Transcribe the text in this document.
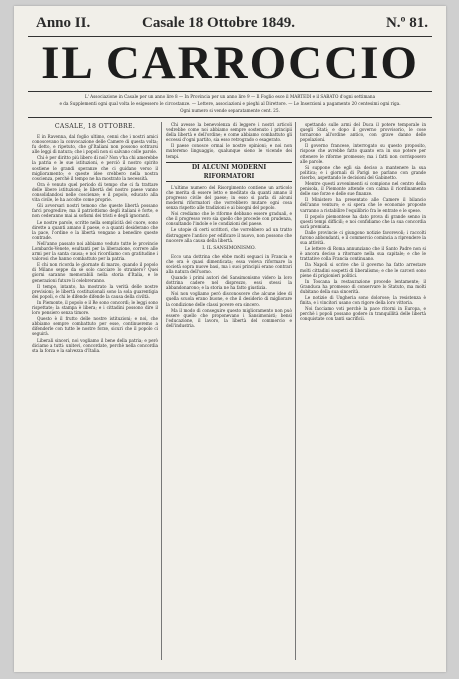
Anno II.	Casale 18 Ottobre 1849.	N.º 81.
IL CARROCCIO
L' Associazione in Casale per un anno lire 8 — In Provincia per un anno lire 9 — Il Foglio esce il MARTEDI e il SABATO d'ogni settimana
e da Supplementi ogni qual volta le esigessero le circostanze. — Lettere, associazioni e pieghi al Direttore. — Le Inserzioni a pagamento 20 centesimi ogni riga.
Ogni numero si vende separatamente cent. 25.
CASALE, 18 OTTOBRE.

E in Ravenna, dal foglio ultimo, cenni che i nostri amici conoscevano la convocazione delle Camere di questa volta; fu detto, e ripetuto, che gl'Italiani non possono sottrarsi alle leggi di natura; che i popoli non si salvano colle parole.

Chi è per diritto più libero di noi? Non v'ha chi amerebbe la patria e le sue istituzioni, e perciò il nostro spirito sostiene le grandi speranze che ci guidano verso il miglioramento; e queste idee crebbero nella nostra coscienza, perchè il tempo ne ha mostrato la necessità.

Ora è venuto quel periodo di tempo che ci fa trattare delle libere istituzioni; le libertà del nostro paese vanno consolidandosi nelle coscienze; e il popolo, educato alla vita civile, le ha accolte come proprie.

Gli avversari nostri temono che queste libertà possano farci progredire; ma il patriottismo degli italiani è forte, e non cederanno mai ai sofismi dei tristi e degli ignoranti.

Le nostre parole, scritte nella semplicità del cuore, sono dirette a quanti amano il paese, e a quanti desiderano che la pace, l'ordine e la libertà vengano a benedire queste contrade.

Nell'anno passato noi abbiamo veduto tutte le provincie Lombardo-Venete, esultanti per la liberazione, correre alle armi per la santa causa; e noi ricordiamo con gratitudine i valorosi che hanno combattuto per la patria.

E chi non ricorda le giornate di marzo, quando il popolo di Milano seppe da sè solo cacciare lo straniero? Quei giorni saranno memorabili nella storia d'Italia, e le generazioni future li celebreranno.

Il tempo, intanto, ha mostrato la verità delle nostre previsioni; le libertà costituzionali sono la sola guarentigia dei popoli, e chi le difende difende la causa della civiltà.

In Piemonte, il popolo e il Re sono concordi; le leggi sono rispettate; la stampa è libera; e i cittadini possono dire il loro pensiero senza timore.

Questo è il frutto delle nostre istituzioni; e noi, che abbiamo sempre combattuto per esse, continueremo a difenderle con tutte le nostre forze, sicuri che il popolo ci seguirà.

Liberali sinceri, noi vogliamo il bene della patria; e però diciamo a tutti: unitevi, concordate, perchè nella concordia sta la forza e la salvezza d'Italia.

Chi avesse la benevolenza di leggere i nostri articoli vedrebbe come noi abbiamo sempre sostenuto i principii della libertà e dell'ordine; e come abbiamo combattuto gli eccessi d'ogni partito, sia esso retrogrado o esagerato.

Il paese conosce ormai le nostre opinioni; e noi non muteremo linguaggio, qualunque sieno le vicende dei tempi.

DI ALCUNI MODERNI RIFORMATORI

L'ultimo numero del Risorgimento contiene un articolo che merita di essere letto e meditato da quanti amano il progresso civile del paese; in esso si parla di alcuni moderni riformatori che vorrebbero mutare ogni cosa senza rispetto alle tradizioni e ai bisogni del popolo.

Noi crediamo che le riforme debbano essere graduali, e che il progresso vero sia quello che procede con prudenza, consultando l'indole e le condizioni del paese.

Le utopie di certi scrittori, che vorrebbero ad un tratto distruggere l'antico per edificare il nuovo, non possono che nuocere alla causa della libertà.

I. IL SANSIMONISMO.

Ecco una dottrina che ebbe molti seguaci in Francia e che ora è quasi dimenticata; essa voleva riformare la società sopra nuove basi, ma i suoi principii erano contrari alla natura dell'uomo.

Quando i primi autori del Sansimonismo videro la loro dottrina cadere nel disprezzo, essi stessi la abbandonarono; e la storia ne ha fatto giustizia.

Noi non vogliamo però disconoscere che alcune idee di quella scuola erano buone, e che il desiderio di migliorare la condizione delle classi povere era sincero.

Ma il modo di conseguire questo miglioramento non può essere quello che proponevano i Sansimonisti; bensì l'educazione, il lavoro, la libertà del commercio e dell'industria.

spettando sulle armi del Duca il potere temporale in quegli Stati; e dopo il governo provvisorio, le cose tornarono all'ordine antico, con grave danno delle popolazioni.

Il governo francese, interrogato su questo proposito, rispose che avrebbe fatto quanto era in suo potere per ottenere le riforme promesse; ma i fatti non corrisposero alle parole.

Si suppone che egli sia deciso a mantenere la sua politica; e i giornali di Parigi ne parlano con grande riserbo, aspettando le decisioni del Gabinetto.

Mentre questi avvenimenti si compiono nel centro della penisola, il Piemonte attende con calma il riordinamento delle sue forze e delle sue finanze.

Il Ministero ha presentato alle Camere il bilancio dell'anno venturo; e si spera che le economie proposte varranno a ristabilire l'equilibrio fra le entrate e le spese.

Il popolo piemontese ha dato prova di grande senno in questi tempi difficili; e noi confidiamo che la sua concordia sarà premiata.

Dalle provincie ci giungono notizie favorevoli; i raccolti furono abbondanti, e il commercio comincia a riprendere la sua attività.

Le lettere di Roma annunziano che il Santo Padre non si è ancora deciso a ritornare nella sua capitale; e che le trattative colla Francia continuano.

Da Napoli si scrive che il governo ha fatto arrestare molti cittadini sospetti di liberalismo; e che le carceri sono piene di prigionieri politici.

In Toscana la restaurazione procede lentamente; il Granduca ha promesso di conservare lo Statuto, ma molti dubitano della sua sincerità.

Le notizie di Ungheria sono dolorose; la resistenza è finita, e i vincitori usano con rigore della loro vittoria.

Noi facciamo voti perchè la pace ritorni in Europa, e perchè i popoli possano godere in tranquillità delle libertà conquistate con tanti sacrificii.
